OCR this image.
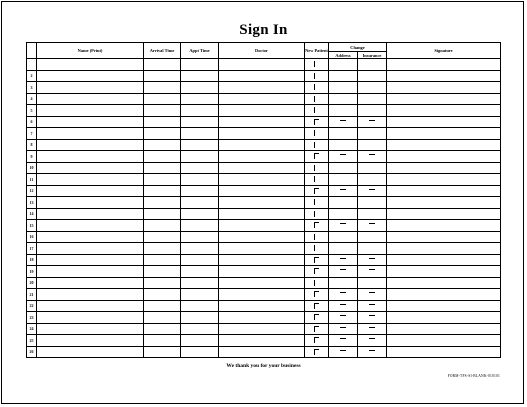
Sign In
	Name (Print)	Arrival Time	Appt Time	Doctor	New Patient	Change		Signature
						Address	Insurance	

2					

3					

4					

5					

6					

7					

8					

9					

10					

11					

12					

13					

14					

15					

16					

17					

18					

19					

20					

21					

22					

23					

24					

25					

26					

We thank you for your business
FORM-TFS-SI-BLANK-010101
